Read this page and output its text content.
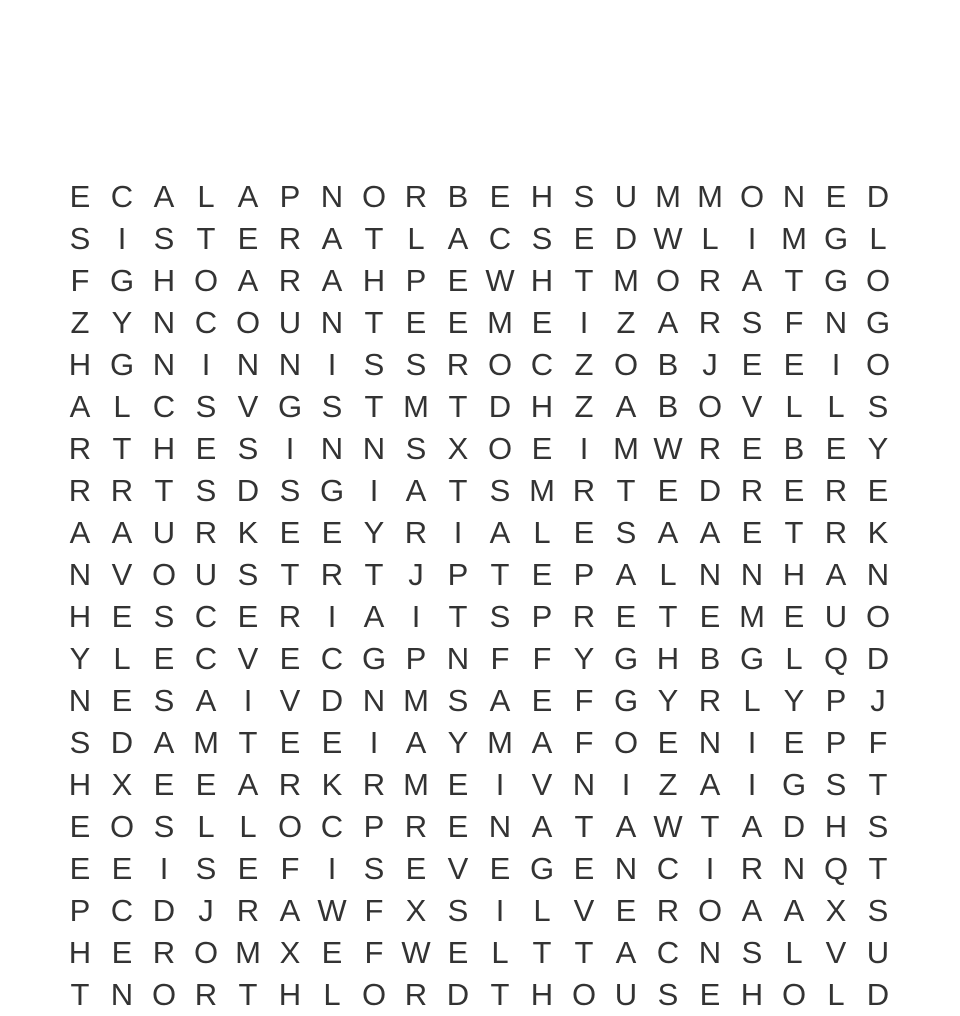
E C A L A P N O R B E H S U M M O N E D
S I S T E R A T L A C S E D W L I M G L
F G H O A R A H P E W H T M O R A T G O
Z Y N C O U N T E E M E I Z A R S F N G
H G N I N N I S S R O C Z O B J E E I O
A L C S V G S T M T D H Z A B O V L L S
R T H E S I N N S X O E I M W R E B E Y
R R T S D S G I A T S M R T E D R E R E
A A U R K E E Y R I A L E S A A E T R K
N V O U S T R T J P T E P A L N N H A N
H E S C E R I A I T S P R E T E M E U O
Y L E C V E C G P N F F Y G H B G L Q D
N E S A I V D N M S A E F G Y R L Y P J
S D A M T E E I A Y M A F O E N I E P F
H X E E A R K R M E I V N I Z A I G S T
E O S L L O C P R E N A T A W T A D H S
E E I S E F I S E V E G E N C I R N Q T
P C D J R A W F X S I L V E R O A A X S
H E R O M X E F W E L T T A C N S L V U
T N O R T H L O R D T H O U S E H O L D
